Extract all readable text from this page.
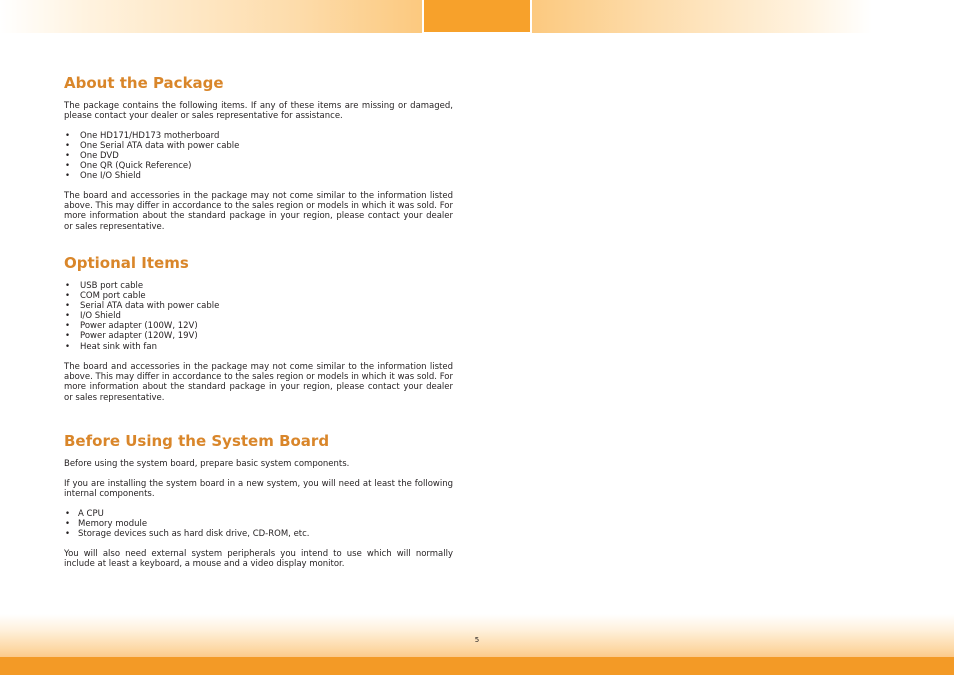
About the Package

The package contains the following items. If any of these items are missing or damaged, please contact your dealer or sales representative for assistance.

• One HD171/HD173 motherboard
• One Serial ATA data with power cable
• One DVD
• One QR (Quick Reference)
• One I/O Shield

The board and accessories in the package may not come similar to the information listed above. This may differ in accordance to the sales region or models in which it was sold. For more information about the standard package in your region, please contact your dealer or sales representative.

Optional Items
• USB port cable
• COM port cable
• Serial ATA data with power cable
• I/O Shield
• Power adapter (100W, 12V)
• Power adapter (120W, 19V)
• Heat sink with fan

The board and accessories in the package may not come similar to the information listed above. This may differ in accordance to the sales region or models in which it was sold. For more information about the standard package in your region, please contact your dealer or sales representative.

Before Using the System Board

Before using the system board, prepare basic system components.

If you are installing the system board in a new system, you will need at least the following internal components.

• A CPU
• Memory module
• Storage devices such as hard disk drive, CD-ROM, etc.

You will also need external system peripherals you intend to use which will normally include at least a keyboard, a mouse and a video display monitor.

5
